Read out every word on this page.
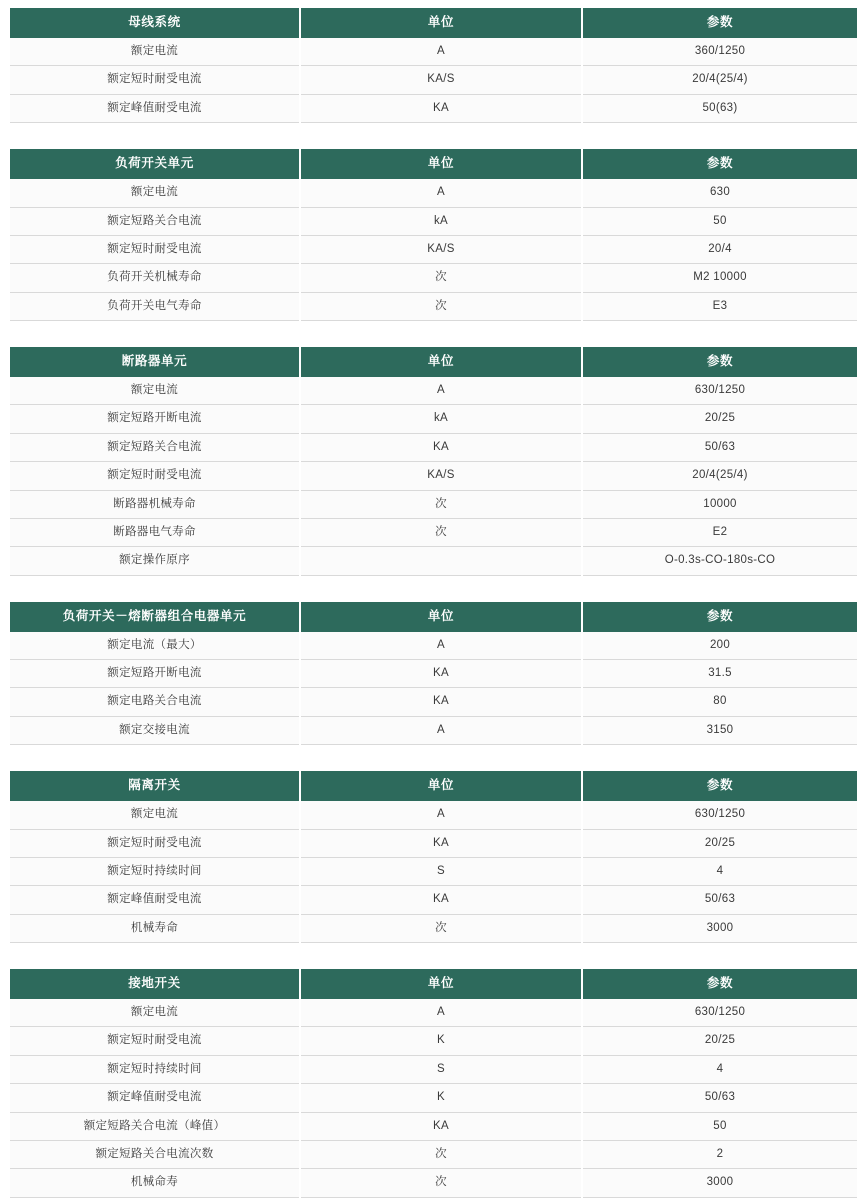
母线系统	单位	参数
额定电流	A	360/1250
额定短时耐受电流	KA/S	20/4(25/4)
额定峰值耐受电流	KA	50(63)
负荷开关单元	单位	参数
额定电流	A	630
额定短路关合电流	kA	50
额定短时耐受电流	KA/S	20/4
负荷开关机械寿命	次	M2 10000
负荷开关电气寿命	次	E3
断路器单元	单位	参数
额定电流	A	630/1250
额定短路开断电流	kA	20/25
额定短路关合电流	KA	50/63
额定短时耐受电流	KA/S	20/4(25/4)
断路器机械寿命	次	10000
断路器电气寿命	次	E2
额定操作原序		O-0.3s-CO-180s-CO
负荷开关－熔断器组合电器单元	单位	参数
额定电流（最大）	A	200
额定短路开断电流	KA	31.5
额定电路关合电流	KA	80
额定交接电流	A	3150
隔离开关	单位	参数
额定电流	A	630/1250
额定短时耐受电流	KA	20/25
额定短时持续时间	S	4
额定峰值耐受电流	KA	50/63
机械寿命	次	3000
接地开关	单位	参数
额定电流	A	630/1250
额定短时耐受电流	K	20/25
额定短时持续时间	S	4
额定峰值耐受电流	K	50/63
额定短路关合电流（峰值）	KA	50
额定短路关合电流次数	次	2
机械命寿	次	3000
